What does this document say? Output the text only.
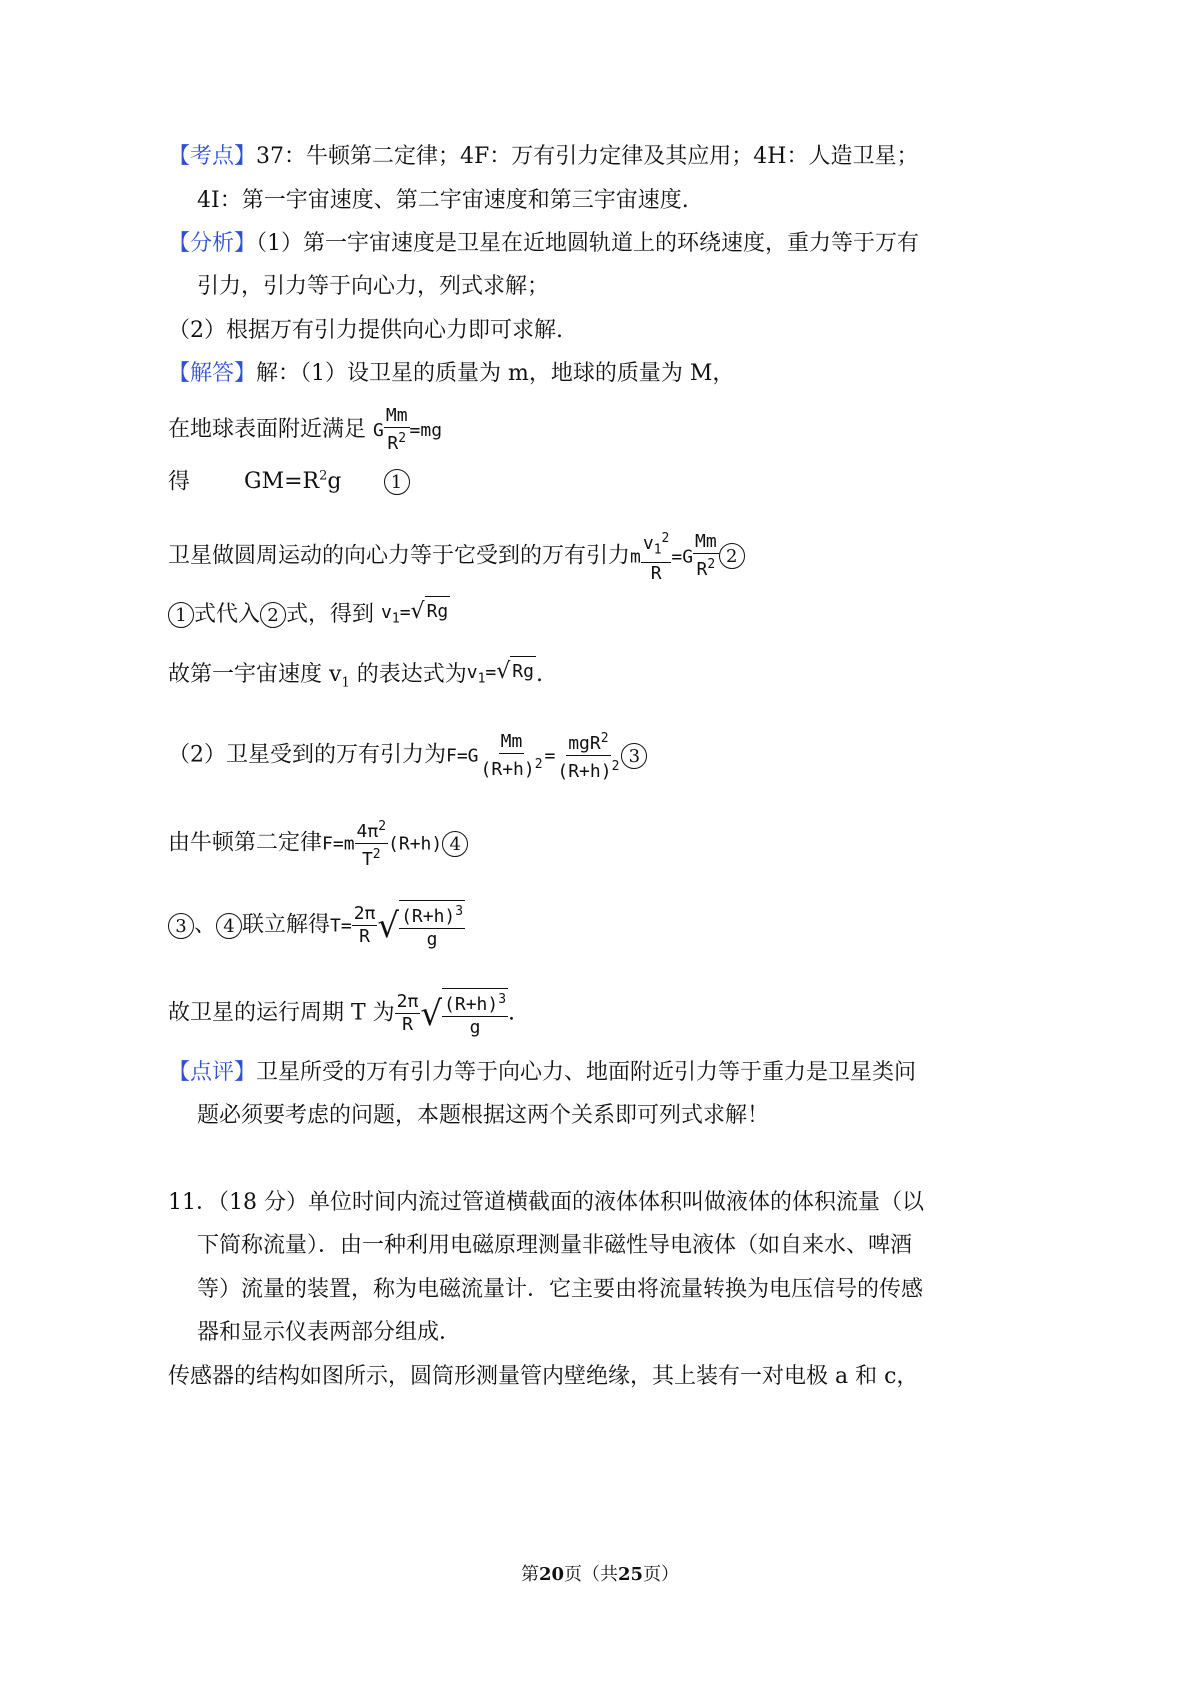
【考点】37：牛顿第二定律；4F：万有引力定律及其应用；4H：人造卫星；
4I：第一宇宙速度、第二宇宙速度和第三宇宙速度.
【分析】（1）第一宇宙速度是卫星在近地圆轨道上的环绕速度，重力等于万有
引力，引力等于向心力，列式求解；
（2）根据万有引力提供向心力即可求解.
【解答】解：（1）设卫星的质量为 m，地球的质量为 M，
在地球表面附近满足 G $\frac{Mm}{R^2} =mg$
得 $GM=R^2g$	1
卫星做圆周运动的向心力等于它受到的万有引力m $\frac{v_1^2}{R} =G \frac{Mm}{R^2} 2$
1 式代入 2 式，得到 $v_1=$ √ Rg
故第一宇宙速度 $v_1$ 的表达式为$v_1=$ √ Rg .
（2）卫星受到的万有引力为$F=G \frac{Mm}{(R+h)^2} = \frac{mgR^2}{(R+h)^2} 3$
由牛顿第二定律$F=m \frac{4\pi^2}{T^2} (R+h)$ 4
3 、 4 联立解得$T= \frac{2\pi}{R}$ √ $\frac{(R+h)^3}{g}$
故卫星的运行周期 T 为 $\frac{2\pi}{R}$ √ $\frac{(R+h)^3}{g}$ .
【点评】卫星所受的万有引力等于向心力、地面附近引力等于重力是卫星类问
题必须要考虑的问题，本题根据这两个关系即可列式求解！
11．（18 分）单位时间内流过管道横截面的液体体积叫做液体的体积流量（以
下简称流量）．由一种利用电磁原理测量非磁性导电液体（如自来水、啤酒
等）流量的装置，称为电磁流量计．它主要由将流量转换为电压信号的传感
器和显示仪表两部分组成．
传感器的结构如图所示，圆筒形测量管内壁绝缘，其上装有一对电极 a 和 c，
第20页（共25页）
